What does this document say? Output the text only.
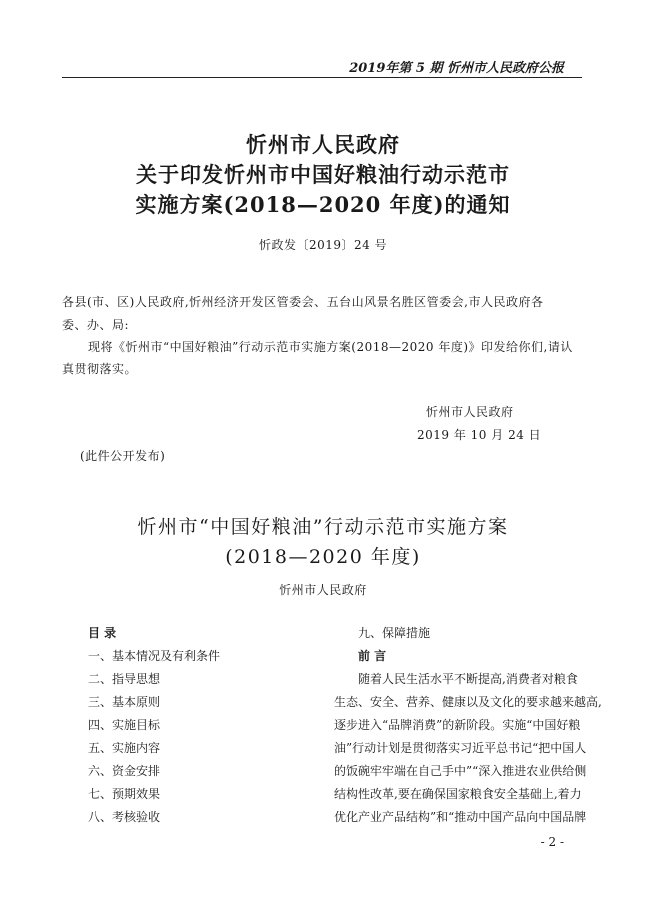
2019年第 5 期 忻州市人民政府公报
忻州市人民政府
关于印发忻州市中国好粮油行动示范市
实施方案(2018—2020 年度)的通知
忻政发〔2019〕24 号
各县(市、区)人民政府,忻州经济开发区管委会、五台山风景名胜区管委会,市人民政府各
委、办、局:
现将《忻州市“中国好粮油”行动示范市实施方案(2018—2020 年度)》印发给你们,请认
真贯彻落实。
忻州市人民政府
2019 年 10 月 24 日
(此件公开发布)
忻州市“中国好粮油”行动示范市实施方案
(2018—2020 年度)
忻州市人民政府
目 录
一、基本情况及有利条件
二、指导思想
三、基本原则
四、实施目标
五、实施内容
六、资金安排
七、预期效果
八、考核验收
九、保障措施
前 言
随着人民生活水平不断提高,消费者对粮食
生态、安全、营养、健康以及文化的要求越来越高,
逐步进入“品牌消费”的新阶段。实施“中国好粮
油”行动计划是贯彻落实习近平总书记“把中国人
的饭碗牢牢端在自己手中”“深入推进农业供给侧
结构性改革,要在确保国家粮食安全基础上,着力
优化产业产品结构”和“推动中国产品向中国品牌
- 2 -
